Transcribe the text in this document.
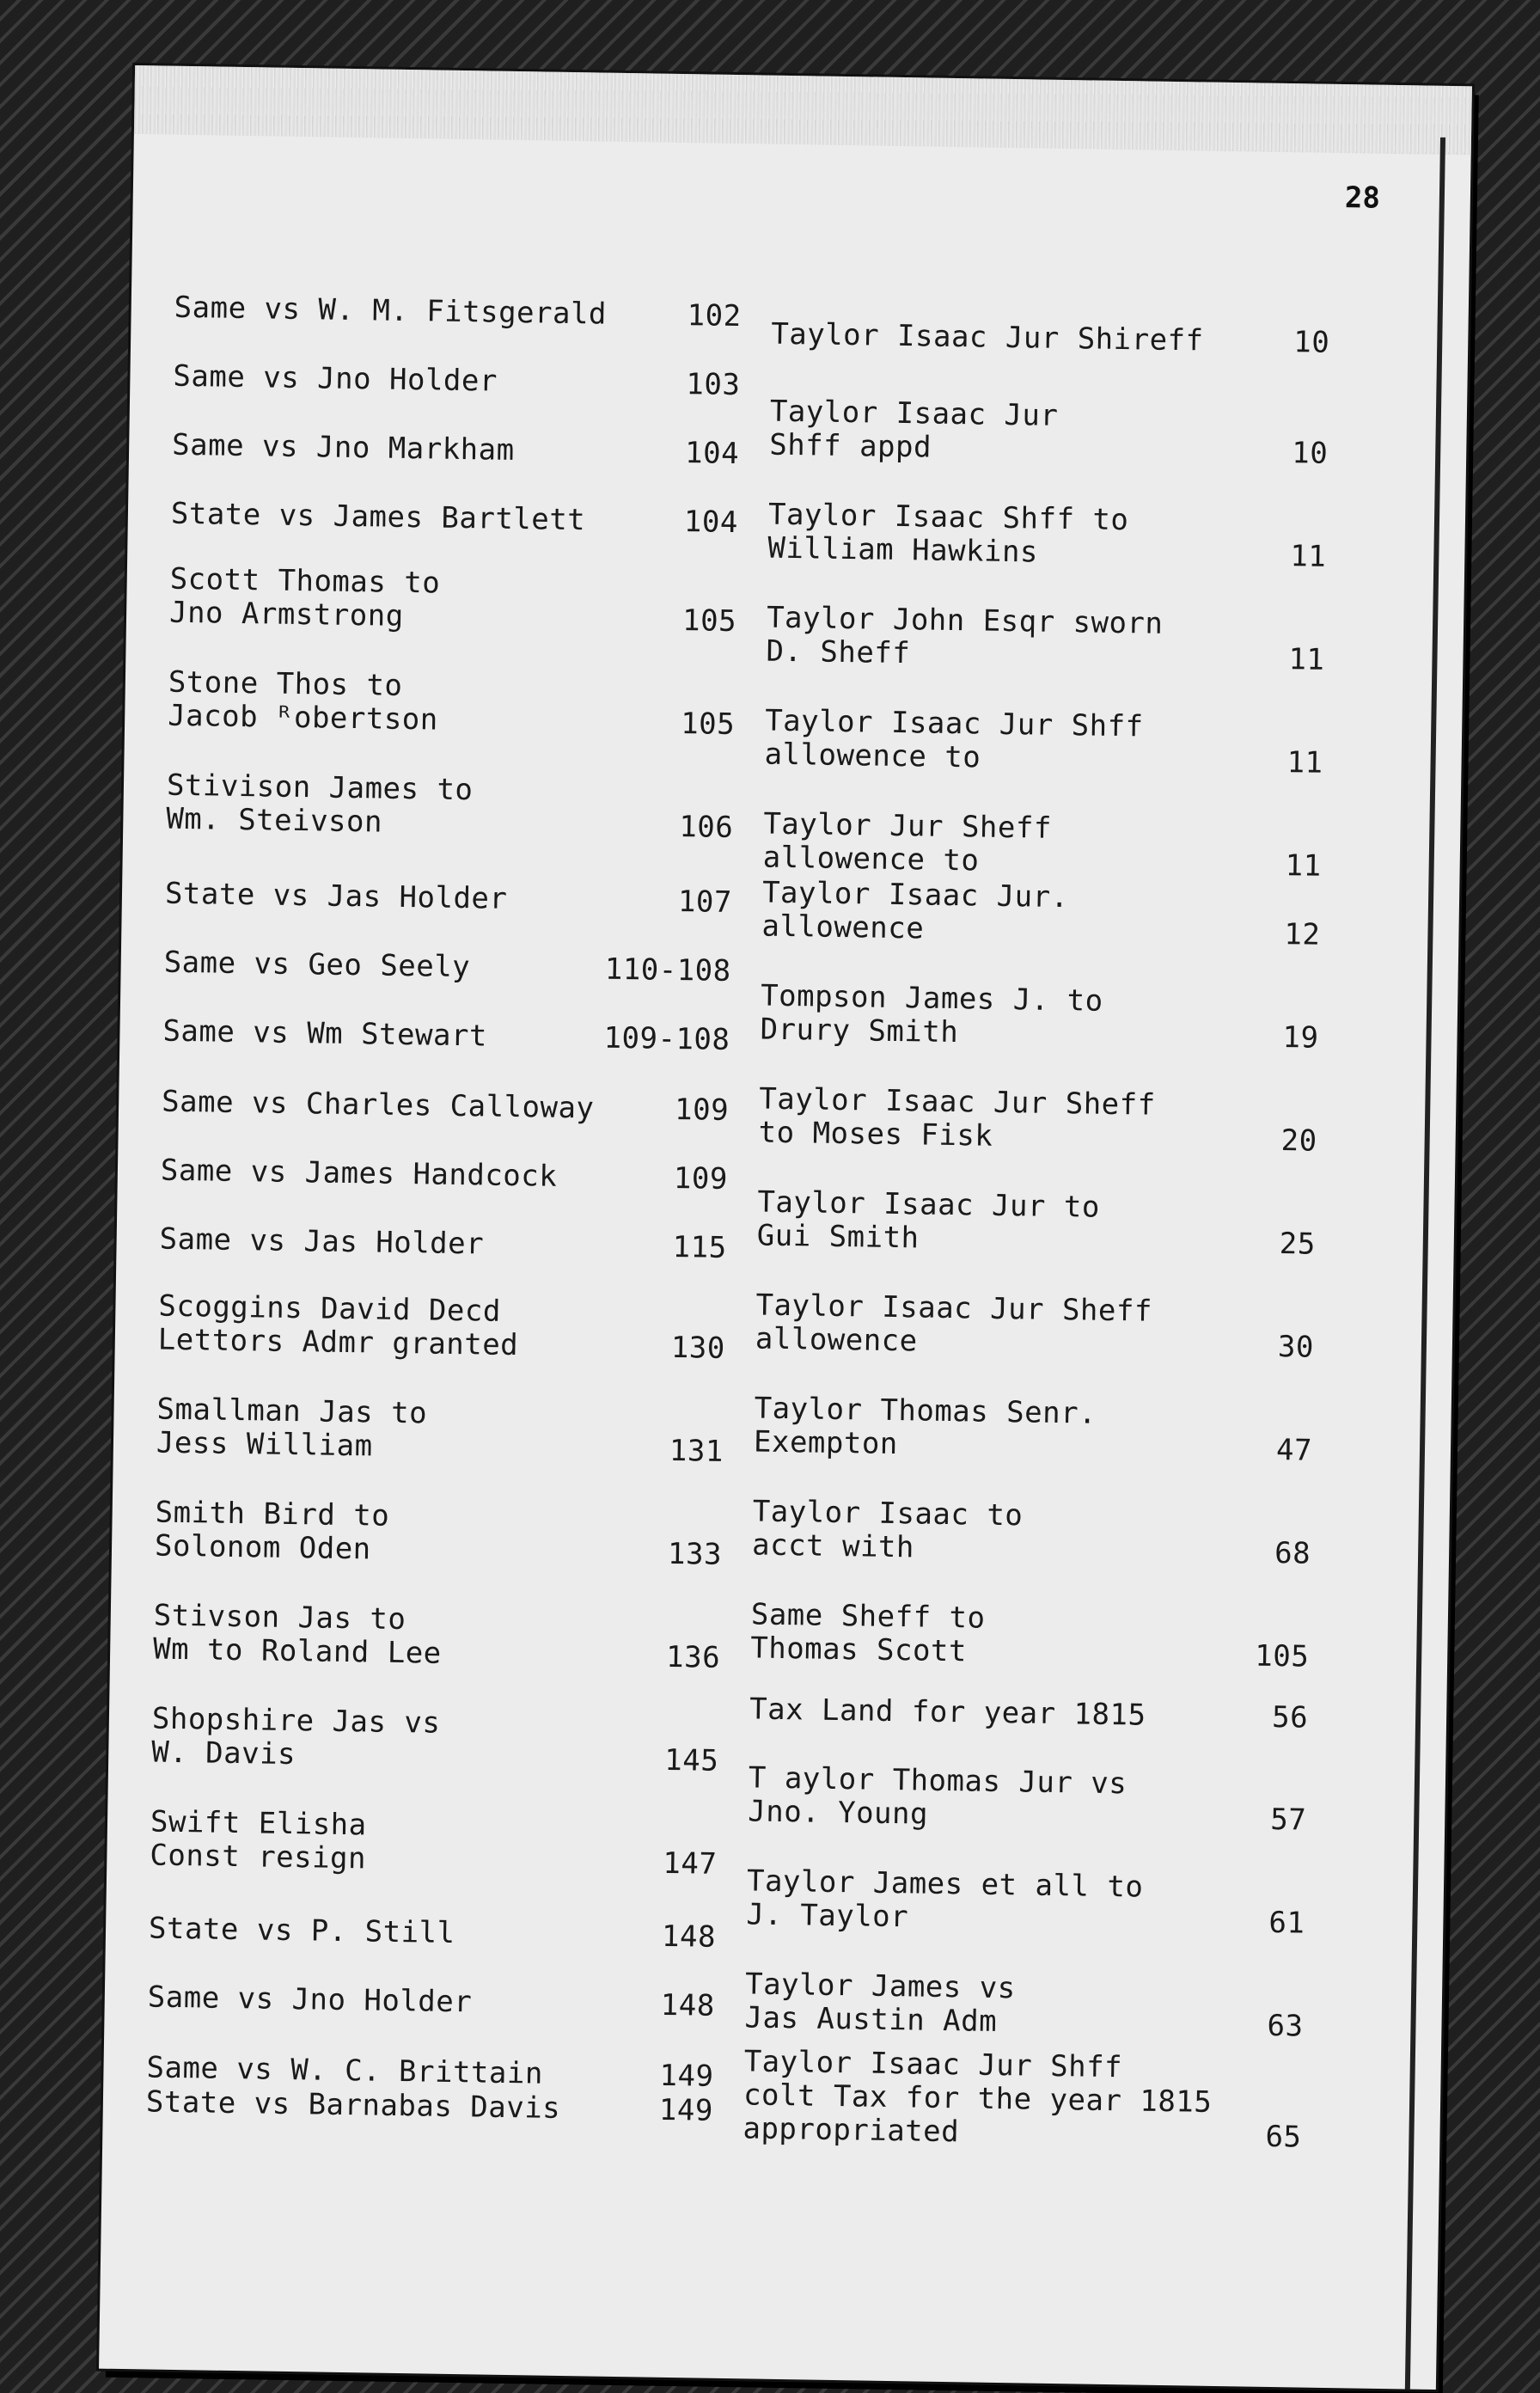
28
Same vs W. M. Fitsgerald	102
Same vs Jno Holder	103
Same vs Jno Markham	104
State vs James Bartlett	104
Scott Thomas to
Jno Armstrong	105
Stone Thos to
Jacob ᴿobertson	105
Stivison James to
Wm. Steivson	106
State vs Jas Holder	107
Same vs Geo Seely	110-108
Same vs Wm Stewart	109-108
Same vs Charles Calloway	109
Same vs James Handcock	109
Same vs Jas Holder	115
Scoggins David Decd
Lettors Admr granted	130
Smallman Jas to
Jess William	131
Smith Bird to
Solonom Oden	133
Stivson Jas to
Wm to Roland Lee	136
Shopshire Jas vs
W. Davis	145
Swift Elisha
Const resign	147
State vs P. Still	148
Same vs Jno Holder	148
Same vs W. C. Brittain	149
State vs Barnabas Davis	149
Taylor Isaac Jur Shireff	10
Taylor Isaac Jur
Shff appd	10
Taylor Isaac Shff to
William Hawkins	11
Taylor John Esqr sworn
D. Sheff	11
Taylor Isaac Jur Shff
allowence to	11
Taylor Jur Sheff
allowence to	11
Taylor Isaac Jur.
allowence	12
Tompson James J. to
Drury Smith	19
Taylor Isaac Jur Sheff
to Moses Fisk	20
Taylor Isaac Jur to
Gui Smith	25
Taylor Isaac Jur Sheff
allowence	30
Taylor Thomas Senr.
Exempton	47
Taylor Isaac to
acct with	68
Same Sheff to
Thomas Scott	105
Tax Land for year 1815	56
T aylor Thomas Jur vs
Jno. Young	57
Taylor James et all to
J. Taylor	61
Taylor James vs
Jas Austin Adm	63
Taylor Isaac Jur Shff
colt Tax for the year 1815
appropriated	65
